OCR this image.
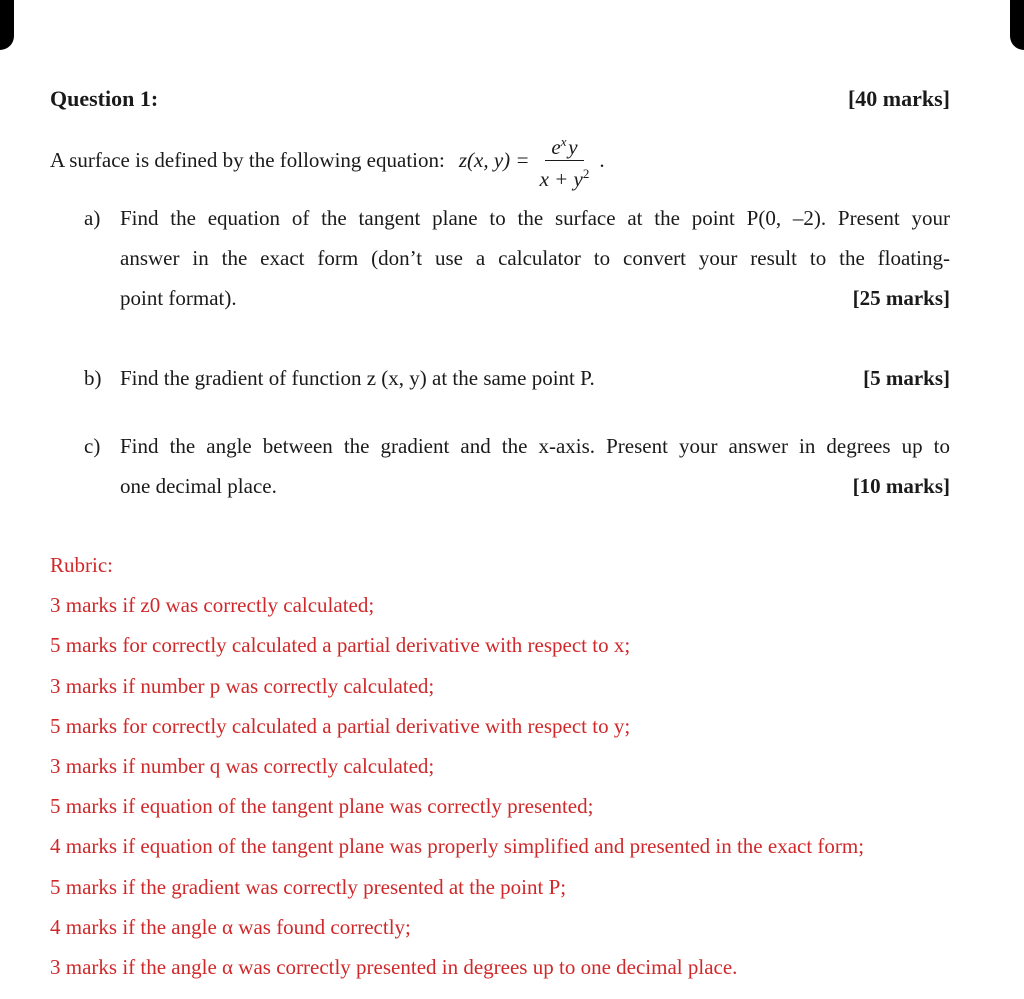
Question 1:	[40 marks]
A surface is defined by the following equation: z(x, $y) = \frac{e^x y}{x + y^2}$ .
a) Find the equation of the tangent plane to the surface at the point P(0, –2). Present your
answer in the exact form (don’t use a calculator to convert your result to the floating-
point format).	[25 marks]
b) Find the gradient of function z (x, y) at the same point P.	[5 marks]
c) Find the angle between the gradient and the x-axis. Present your answer in degrees up to
one decimal place.	[10 marks]
Rubric:
3 marks if z0 was correctly calculated;
5 marks for correctly calculated a partial derivative with respect to x;
3 marks if number p was correctly calculated;
5 marks for correctly calculated a partial derivative with respect to y;
3 marks if number q was correctly calculated;
5 marks if equation of the tangent plane was correctly presented;
4 marks if equation of the tangent plane was properly simplified and presented in the exact form;
5 marks if the gradient was correctly presented at the point P;
4 marks if the angle α was found correctly;
3 marks if the angle α was correctly presented in degrees up to one decimal place.
